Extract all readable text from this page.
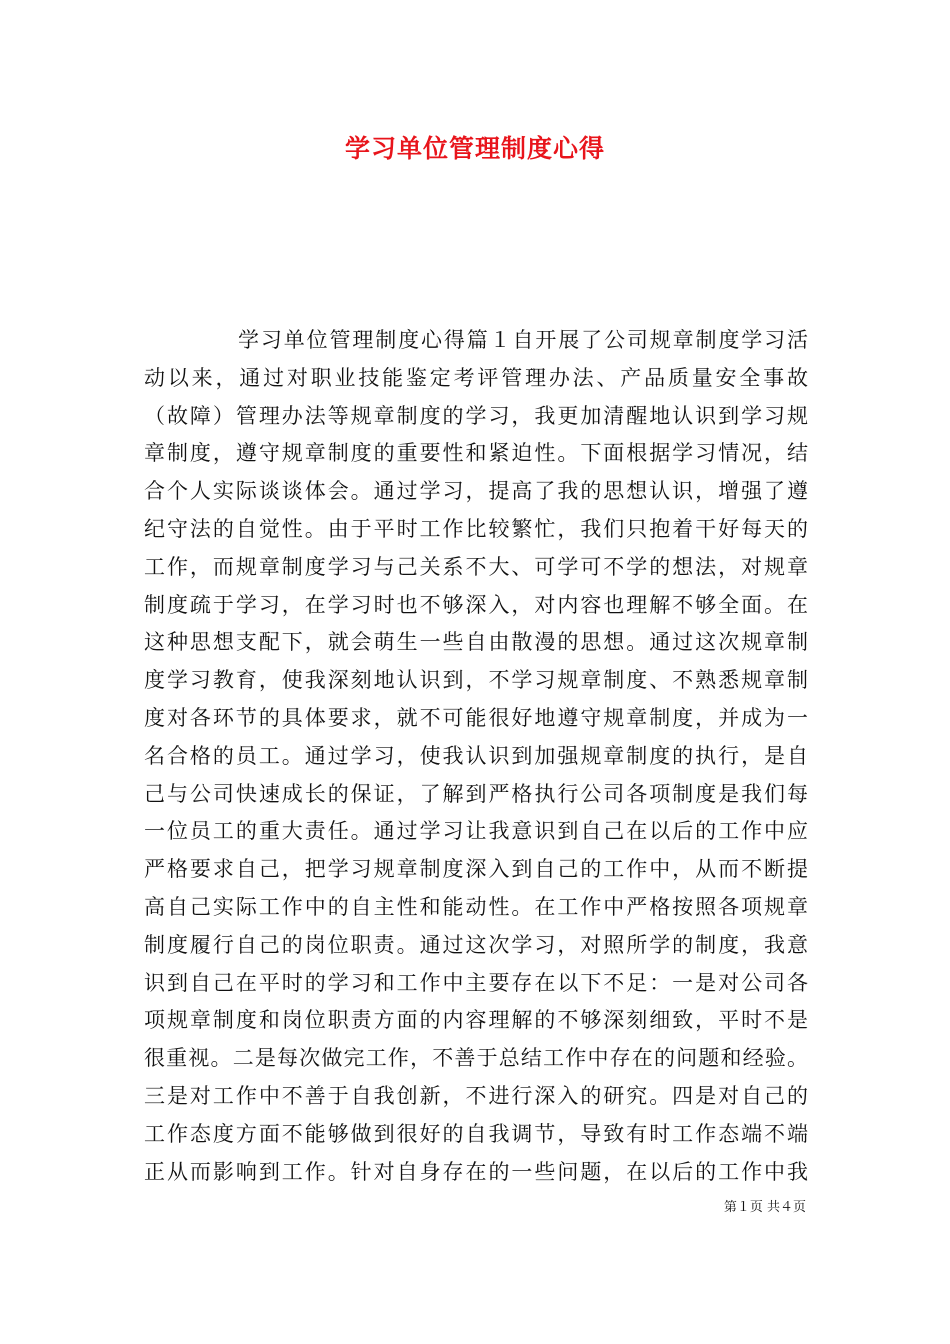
学习单位管理制度心得
学习单位管理制度心得篇１自开展了公司规章制度学习活
动以来，通过对职业技能鉴定考评管理办法、产品质量安全事故
（故障）管理办法等规章制度的学习，我更加清醒地认识到学习规
章制度，遵守规章制度的重要性和紧迫性。下面根据学习情况，结
合个人实际谈谈体会。通过学习，提高了我的思想认识，增强了遵
纪守法的自觉性。由于平时工作比较繁忙，我们只抱着干好每天的
工作，而规章制度学习与己关系不大、可学可不学的想法，对规章
制度疏于学习，在学习时也不够深入，对内容也理解不够全面。在
这种思想支配下，就会萌生一些自由散漫的思想。通过这次规章制
度学习教育，使我深刻地认识到，不学习规章制度、不熟悉规章制
度对各环节的具体要求，就不可能很好地遵守规章制度，并成为一
名合格的员工。通过学习，使我认识到加强规章制度的执行，是自
己与公司快速成长的保证，了解到严格执行公司各项制度是我们每
一位员工的重大责任。通过学习让我意识到自己在以后的工作中应
严格要求自己，把学习规章制度深入到自己的工作中，从而不断提
高自己实际工作中的自主性和能动性。在工作中严格按照各项规章
制度履行自己的岗位职责。通过这次学习，对照所学的制度，我意
识到自己在平时的学习和工作中主要存在以下不足：一是对公司各
项规章制度和岗位职责方面的内容理解的不够深刻细致，平时不是
很重视。二是每次做完工作，不善于总结工作中存在的问题和经验。
三是对工作中不善于自我创新，不进行深入的研究。四是对自己的
工作态度方面不能够做到很好的自我调节，导致有时工作态端不端
正从而影响到工作。针对自身存在的一些问题，在以后的工作中我
第１页 共４页
